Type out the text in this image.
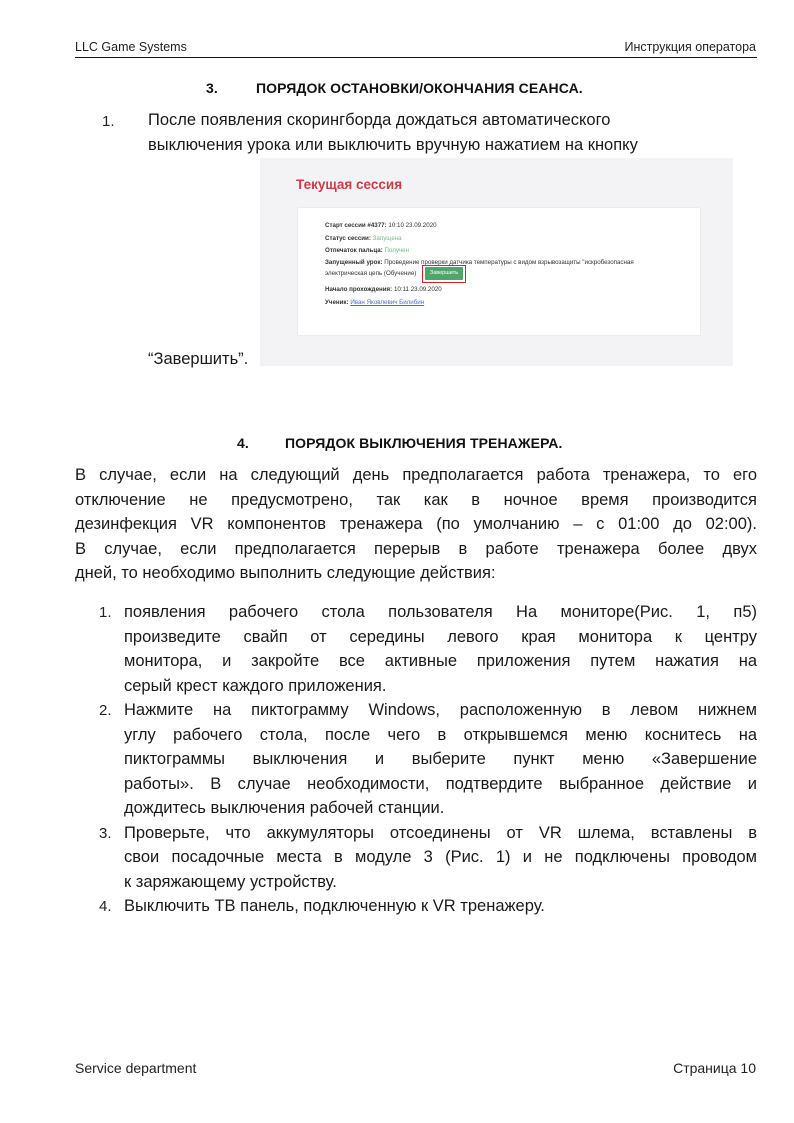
LLC Game Systems	Инструкция оператора
3.	ПОРЯДОК ОСТАНОВКИ/ОКОНЧАНИЯ СЕАНСА.
1. После появления скорингборда дождаться автоматического
выключения урока или выключить вручную нажатием на кнопку
Текущая сессия
Старт сессии #4377: 10:10 23.09.2020
Статус сессии: Запущена
Отпечаток пальца: Получен
Запущенный урок: Проведение проверки датчика температуры с видом взрывозащиты "искробезопасная
электрическая цепь (Обучение)	Завершить
Начало прохождения: 10:11 23.09.2020
Ученик: Иван Яковлевич Билибин
“Завершить”.
4.	ПОРЯДОК ВЫКЛЮЧЕНИЯ ТРЕНАЖЕРА.
В случае, если на следующий день предполагается работа тренажера, то его
отключение не предусмотрено, так как в ночное время производится
дезинфекция VR компонентов тренажера (по умолчанию – с 01:00 до 02:00).
В случае, если предполагается перерыв в работе тренажера более двух
дней, то необходимо выполнить следующие действия:
1. появления рабочего стола пользователя На мониторе(Рис. 1, п5)
произведите свайп от середины левого края монитора к центру
монитора, и закройте все активные приложения путем нажатия на
серый крест каждого приложения.
2. Нажмите на пиктограмму Windows, расположенную в левом нижнем
углу рабочего стола, после чего в открывшемся меню коснитесь на
пиктограммы выключения и выберите пункт меню «Завершение
работы». В случае необходимости, подтвердите выбранное действие и
дождитесь выключения рабочей станции.
3. Проверьте, что аккумуляторы отсоединены от VR шлема, вставлены в
свои посадочные места в модуле 3 (Рис. 1) и не подключены проводом
к заряжающему устройству.
4. Выключить ТВ панель, подключенную к VR тренажеру.
Service department	Страница 10
